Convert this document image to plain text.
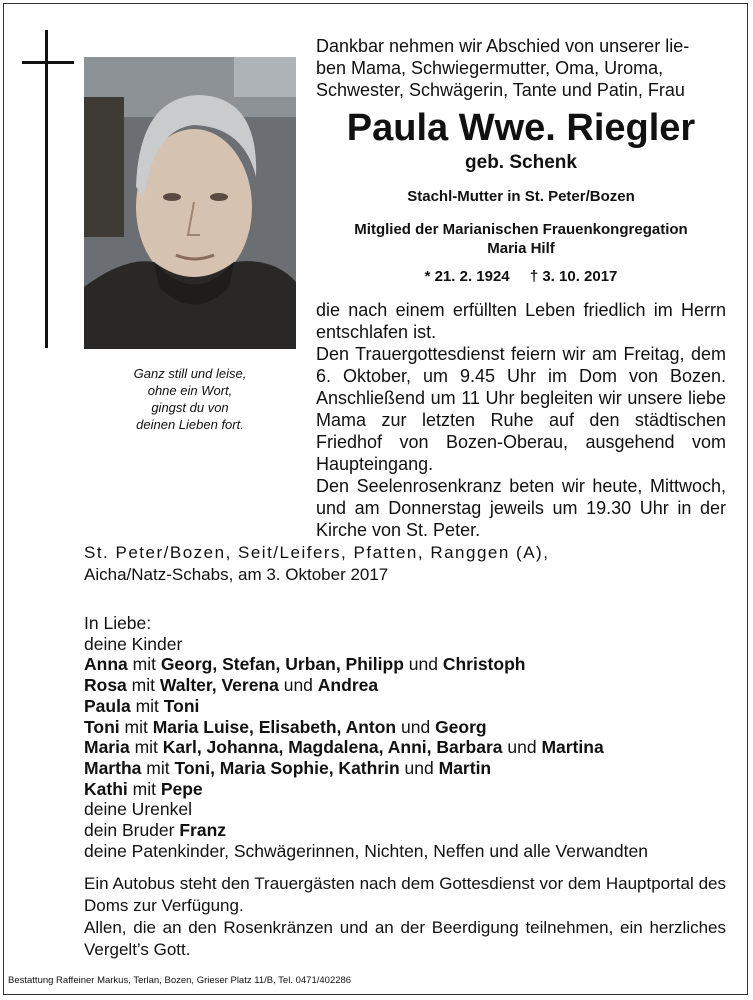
Ganz still und leise,
ohne ein Wort,
gingst du von
deinen Lieben fort.
Dankbar nehmen wir Abschied von unserer lie-
ben Mama, Schwiegermutter, Oma, Uroma,
Schwester, Schwägerin, Tante und Patin, Frau
Paula Wwe. Riegler
geb. Schenk
Stachl-Mutter in St. Peter/Bozen
Mitglied der Marianischen Frauenkongregation
Maria Hilf
* 21. 2. 1924 † 3. 10. 2017
die nach einem erfüllten Leben friedlich im Herrn entschlafen ist.
Den Trauergottesdienst feiern wir am Freitag, dem 6. Oktober, um 9.45 Uhr im Dom von Bozen. Anschließend um 11 Uhr begleiten wir unsere liebe Mama zur letzten Ruhe auf den städtischen Friedhof von Bozen-Oberau, ausgehend vom Haupteingang.
Den Seelenrosenkranz beten wir heute, Mittwoch, und am Donnerstag jeweils um 19.30 Uhr in der Kirche von St. Peter.
St. Peter/Bozen, Seit/Leifers, Pfatten, Ranggen (A),
Aicha/Natz-Schabs, am 3. Oktober 2017
In Liebe:
deine Kinder
Anna mit Georg, Stefan, Urban, Philipp und Christoph
Rosa mit Walter, Verena und Andrea
Paula mit Toni
Toni mit Maria Luise, Elisabeth, Anton und Georg
Maria mit Karl, Johanna, Magdalena, Anni, Barbara und Martina
Martha mit Toni, Maria Sophie, Kathrin und Martin
Kathi mit Pepe
deine Urenkel
dein Bruder Franz
deine Patenkinder, Schwägerinnen, Nichten, Neffen und alle Verwandten
Ein Autobus steht den Trauergästen nach dem Gottesdienst vor dem Hauptportal des Doms zur Verfügung.
Allen, die an den Rosenkränzen und an der Beerdigung teilnehmen, ein herzliches Vergelt’s Gott.
Bestattung Raffeiner Markus, Terlan, Bozen, Grieser Platz 11/B, Tel. 0471/402286
